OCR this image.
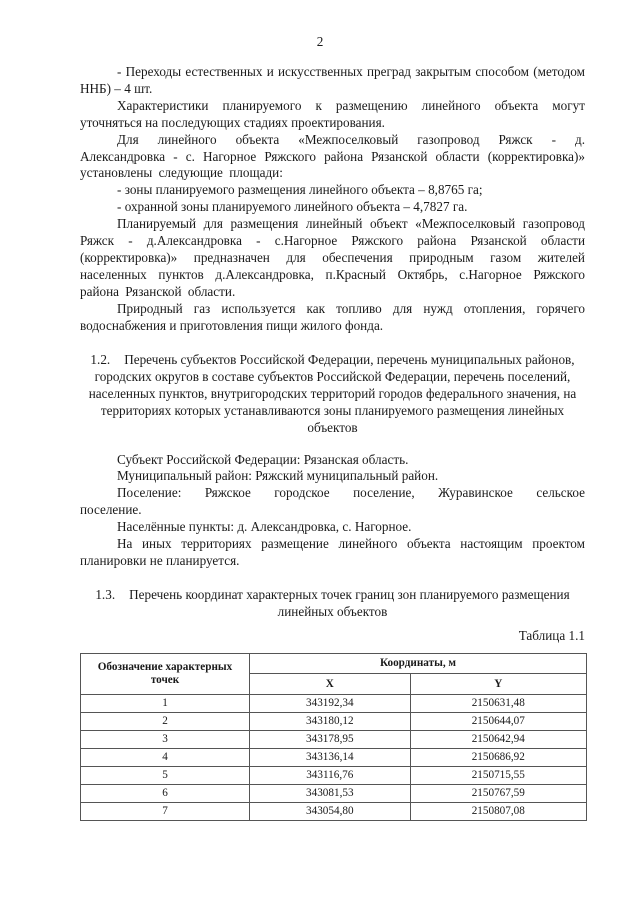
2

- Переходы естественных и искусственных преград закрытым способом (методом ННБ) – 4 шт.

Характеристики планируемого к размещению линейного объекта могут уточняться на последующих стадиях проектирования.

Для линейного объекта «Межпоселковый газопровод Ряжск - д. Александровка - с. Нагорное Ряжского района Рязанской области (корректировка)» установлены следующие площади:

- зоны планируемого размещения линейного объекта – 8,8765 га;

- охранной зоны планируемого линейного объекта – 4,7827 га.

Планируемый для размещения линейный объект «Межпоселковый газопровод Ряжск - д.Александровка - с.Нагорное Ряжского района Рязанской области (корректировка)» предназначен для обеспечения природным газом жителей населенных пунктов д.Александровка, п.Красный Октябрь, с.Нагорное Ряжского района Рязанской области.

Природный газ используется как топливо для нужд отопления, горячего водоснабжения и приготовления пищи жилого фонда.

1.2. Перечень субъектов Российской Федерации, перечень муниципальных районов, городских округов в составе субъектов Российской Федерации, перечень поселений, населенных пунктов, внутригородских территорий городов федерального значения, на территориях которых устанавливаются зоны планируемого размещения линейных объектов

Субъект Российской Федерации: Рязанская область.

Муниципальный район: Ряжский муниципальный район.

Поселение: Ряжское городское поселение, Журавинское сельское поселение.

Населённые пункты: д. Александровка, с. Нагорное.

На иных территориях размещение линейного объекта настоящим проектом планировки не планируется.

1.3. Перечень координат характерных точек границ зон планируемого размещения линейных объектов
Таблица 1.1
Обозначение характерных точек	Координаты, м	
	X	Y
1	343192,34	2150631,48
2	343180,12	2150644,07
3	343178,95	2150642,94
4	343136,14	2150686,92
5	343116,76	2150715,55
6	343081,53	2150767,59
7	343054,80	2150807,08
